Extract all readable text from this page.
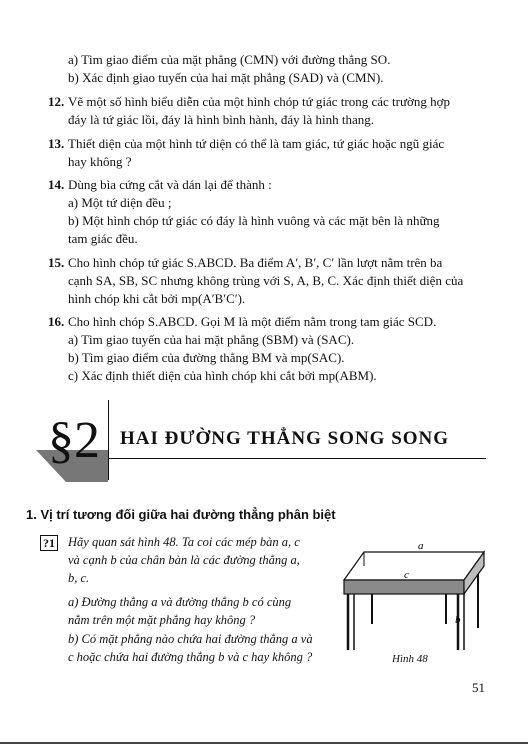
a) Tìm giao điểm của mặt phẳng (CMN) với đường thẳng SO.
b) Xác định giao tuyến của hai mặt phẳng (SAD) và (CMN).
12. Vẽ một số hình biểu diễn của một hình chóp tứ giác trong các trường hợp
đáy là tứ giác lồi, đáy là hình bình hành, đáy là hình thang.
13. Thiết diện của một hình tứ diện có thể là tam giác, tứ giác hoặc ngũ giác
hay không ?
14. Dùng bìa cứng cắt và dán lại để thành :
a) Một tứ diện đều ;
b) Một hình chóp tứ giác có đáy là hình vuông và các mặt bên là những
tam giác đều.
15. Cho hình chóp tứ giác S.ABCD. Ba điểm A′, B′, C′ lần lượt nằm trên ba
cạnh SA, SB, SC nhưng không trùng với S, A, B, C. Xác định thiết diện của
hình chóp khi cắt bởi mp(A′B′C′).
16. Cho hình chóp S.ABCD. Gọi M là một điểm nằm trong tam giác SCD.
a) Tìm giao tuyến của hai mặt phẳng (SBM) và (SAC).
b) Tìm giao điểm của đường thẳng BM và mp(SAC).
c) Xác định thiết diện của hình chóp khi cắt bởi mp(ABM).
§2 HAI ĐƯỜNG THẲNG SONG SONG
1. Vị trí tương đối giữa hai đường thẳng phân biệt
?1 Hãy quan sát hình 48. Ta coi các mép bàn a, c
và cạnh b của chân bàn là các đường thẳng a,
b, c.
a) Đường thẳng a và đường thẳng b có cùng
nằm trên một mặt phẳng hay không ?
b) Có mặt phẳng nào chứa hai đường thẳng a và
c hoặc chứa hai đường thẳng b và c hay không ?
a
c
b
Hình 48
51
